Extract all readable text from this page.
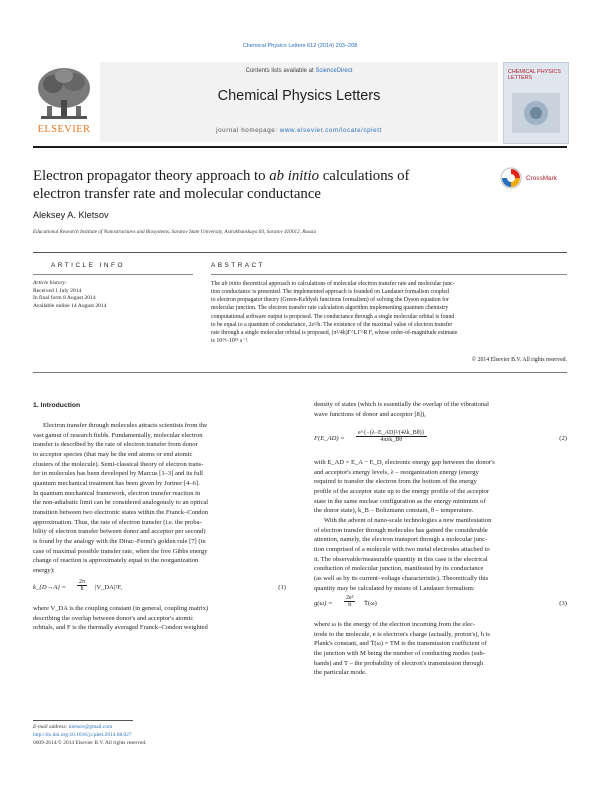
Chemical Physics Letters 612 (2014) 203–208
Contents lists available at ScienceDirect
Chemical Physics Letters
journal homepage: www.elsevier.com/locate/cplett
ELSEVIER
CHEMICAL PHYSICS LETTERS
Electron propagator theory approach to ab initio calculations of
electron transfer rate and molecular conductance
CrossMark
Aleksey A. Kletsov
Educational Research Institute of Nanostructures and Biosystems, Saratov State University, Astrakhanskaya 83, Saratov 410012, Russia
ARTICLE INFO
Article history:
Received 1 July 2014
In final form 8 August 2014
Available online 14 August 2014
ABSTRACT
The ab initio theoretical approach to calculations of molecular electron transfer rate and molecular junc-
tion conductance is presented. The implemented approach is founded on Landauer formalism coupled
to electron propagator theory (Green-Keldysh functions formalism) of solving the Dyson equation for
molecular junction. The electron transfer rate calculation algorithm implementing quantum chemistry
computational software output is proposed. The conductance through a single molecular orbital is found
to be equal to a quantum of conductance, 2e²/h. The existence of the maximal value of electron transfer
rate through a single molecular orbital is proposed, (π²/4h)Γ^LΓ^R F, whose order-of-magnitude estimate
is 10¹⁴–10¹⁵ s⁻¹.
© 2014 Elsevier B.V. All rights reserved.
1. Introduction
Electron transfer through molecules attracts scientists from the
vast gamut of research fields. Fundamentally, molecular electron
transfer is described by the rate of electron transfer from donor
to acceptor species (that may be the end atoms or end atomic
clusters of the molecule). Semi-classical theory of electron trans-
fer in molecules has been developed by Marcus [1–3] and its full
quantum mechanical treatment has been given by Jortner [4–6].
In quantum mechanical framework, electron transfer reaction in
the non-adiabatic limit can be considered analogously to an optical
transition between two electronic states within the Franck–Condon
approximation. Thus, the rate of electron transfer (i.e. the proba-
bility of electron transfer between donor and acceptor per second)
is found by the analogy with the Dirac–Fermi's golden rule [7] (in
case of maximal possible transfer rate, when the free Gibbs energy
change of reaction is approximately equal to the reorganization
energy):
k_{D→A} = $\frac{2\pi}{ħ}$ |V_DA|²F,	(1)
where V_DA is the coupling constant (in general, coupling matrix)
describing the overlap between donor's and acceptor's atomic
orbitals, and F is the thermally averaged Franck–Condon weighted
density of states (which is essentially the overlap of the vibrational
wave functions of donor and acceptor [8]),
F(E_AD) =
e^{−(λ−E_AD)²/(4λk_Bθ)}
4πλk_Bθ	(2)
with E_AD = E_A − E_D, electronic energy gap between the donor's
and acceptor's energy levels, λ – reorganization energy (energy
required to transfer the electron from the bottom of the energy
profile of the acceptor state up to the energy profile of the acceptor
state in the same nuclear configuration as the energy minimum of
the donor state), k_B – Boltzmann constant, θ – temperature.
With the advent of nano-scale technologies a new manifestation
of electron transfer through molecules has gained the considerable
attention, namely, the electron transport through a molecular junc-
tion comprised of a molecule with two metal electrodes attached to
it. The observable/measurable quantity in this case is the electrical
conduction of molecular junction, manifested by its conductance
(as well as by its current–voltage characteristic). Theoretically this
quantity may be calculated by means of Landauer formalism:
$g(\omega) = \frac{\text{2e²}}{h}$ T̄(ω)	(3)
where ω is the energy of the electron incoming from the elec-
trode to the molecule, e is electron's charge (actually, proton's), h is
Plank's constant, and T̄(ω) = TM is the transmission coefficient of
the junction with M being the number of conducting modes (sub-
bands) and T – the probability of electron's transmission through
the particular mode.
E-mail address: kletsov@gmail.com
http://dx.doi.org/10.1016/j.cplett.2014.08.027
0009-2614/© 2014 Elsevier B.V. All rights reserved.
